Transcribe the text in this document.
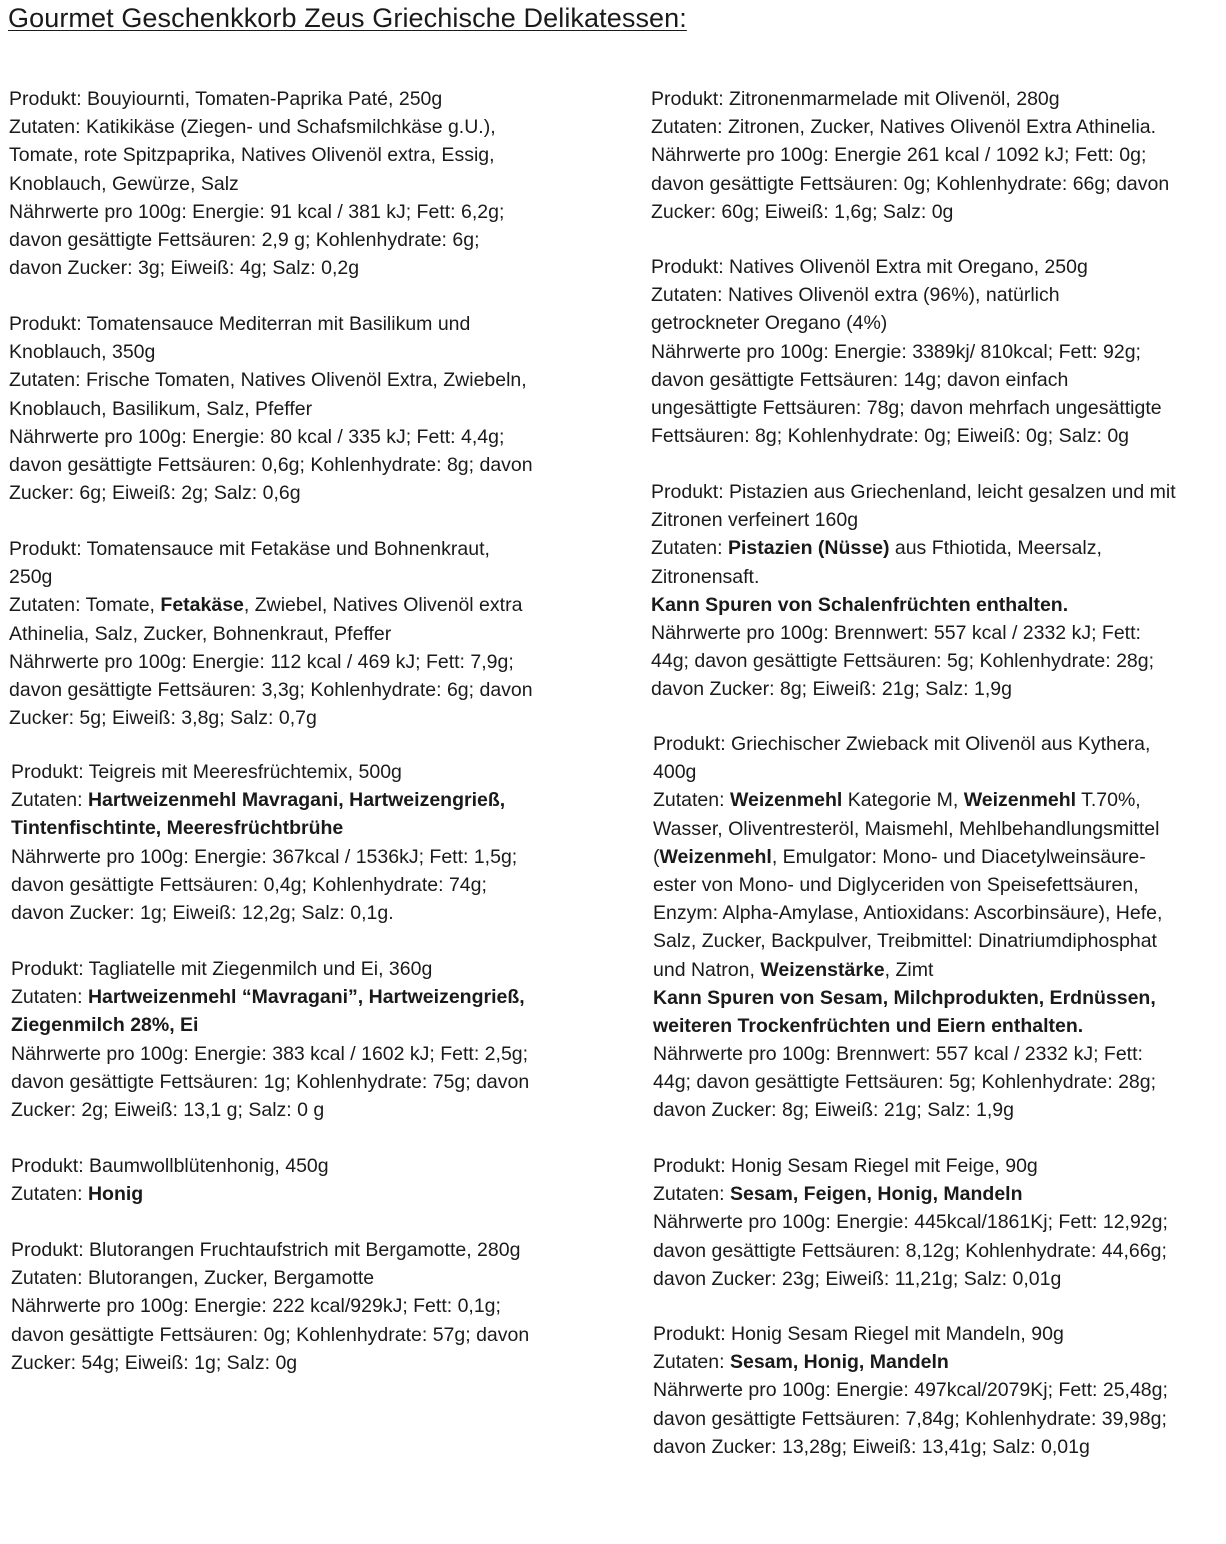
Gourmet Geschenkkorb Zeus Griechische Delikatessen:
Produkt: Bouyiournti, Tomaten-Paprika Paté, 250g
Zutaten: Katikikäse (Ziegen- und Schafsmilchkäse g.U.),
Tomate, rote Spitzpaprika, Natives Olivenöl extra, Essig,
Knoblauch, Gewürze, Salz
Nährwerte pro 100g: Energie: 91 kcal / 381 kJ; Fett: 6,2g;
davon gesättigte Fettsäuren: 2,9 g; Kohlenhydrate: 6g;
davon Zucker: 3g; Eiweiß: 4g; Salz: 0,2g
Produkt: Tomatensauce Mediterran mit Basilikum und
Knoblauch, 350g
Zutaten: Frische Tomaten, Natives Olivenöl Extra, Zwiebeln,
Knoblauch, Basilikum, Salz, Pfeffer
Nährwerte pro 100g: Energie: 80 kcal / 335 kJ; Fett: 4,4g;
davon gesättigte Fettsäuren: 0,6g; Kohlenhydrate: 8g; davon
Zucker: 6g; Eiweiß: 2g; Salz: 0,6g
Produkt: Tomatensauce mit Fetakäse und Bohnenkraut,
250g
Zutaten: Tomate, Fetakäse, Zwiebel, Natives Olivenöl extra
Athinelia, Salz, Zucker, Bohnenkraut, Pfeffer
Nährwerte pro 100g: Energie: 112 kcal / 469 kJ; Fett: 7,9g;
davon gesättigte Fettsäuren: 3,3g; Kohlenhydrate: 6g; davon
Zucker: 5g; Eiweiß: 3,8g; Salz: 0,7g
Produkt: Teigreis mit Meeresfrüchtemix, 500g
Zutaten: Hartweizenmehl Mavragani, Hartweizengrieß,
Tintenfischtinte, Meeresfrüchtbrühe
Nährwerte pro 100g: Energie: 367kcal / 1536kJ; Fett: 1,5g;
davon gesättigte Fettsäuren: 0,4g; Kohlenhydrate: 74g;
davon Zucker: 1g; Eiweiß: 12,2g; Salz: 0,1g.
Produkt: Tagliatelle mit Ziegenmilch und Ei, 360g
Zutaten: Hartweizenmehl “Mavragani”, Hartweizengrieß,
Ziegenmilch 28%, Ei
Nährwerte pro 100g: Energie: 383 kcal / 1602 kJ; Fett: 2,5g;
davon gesättigte Fettsäuren: 1g; Kohlenhydrate: 75g; davon
Zucker: 2g; Eiweiß: 13,1 g; Salz: 0 g
Produkt: Baumwollblütenhonig, 450g
Zutaten: Honig
Produkt: Blutorangen Fruchtaufstrich mit Bergamotte, 280g
Zutaten: Blutorangen, Zucker, Bergamotte
Nährwerte pro 100g: Energie: 222 kcal/929kJ; Fett: 0,1g;
davon gesättigte Fettsäuren: 0g; Kohlenhydrate: 57g; davon
Zucker: 54g; Eiweiß: 1g; Salz: 0g
Produkt: Zitronenmarmelade mit Olivenöl, 280g
Zutaten: Zitronen, Zucker, Natives Olivenöl Extra Athinelia.
Nährwerte pro 100g: Energie 261 kcal / 1092 kJ; Fett: 0g;
davon gesättigte Fettsäuren: 0g; Kohlenhydrate: 66g; davon
Zucker: 60g; Eiweiß: 1,6g; Salz: 0g
Produkt: Natives Olivenöl Extra mit Oregano, 250g
Zutaten: Natives Olivenöl extra (96%), natürlich
getrockneter Oregano (4%)
Nährwerte pro 100g: Energie: 3389kj/ 810kcal; Fett: 92g;
davon gesättigte Fettsäuren: 14g; davon einfach
ungesättigte Fettsäuren: 78g; davon mehrfach ungesättigte
Fettsäuren: 8g; Kohlenhydrate: 0g; Eiweiß: 0g; Salz: 0g
Produkt: Pistazien aus Griechenland, leicht gesalzen und mit
Zitronen verfeinert 160g
Zutaten: Pistazien (Nüsse) aus Fthiotida, Meersalz,
Zitronensaft.
Kann Spuren von Schalenfrüchten enthalten.
Nährwerte pro 100g: Brennwert: 557 kcal / 2332 kJ; Fett:
44g; davon gesättigte Fettsäuren: 5g; Kohlenhydrate: 28g;
davon Zucker: 8g; Eiweiß: 21g; Salz: 1,9g
Produkt: Griechischer Zwieback mit Olivenöl aus Kythera,
400g
Zutaten: Weizenmehl Kategorie M, Weizenmehl T.70%,
Wasser, Oliventresteröl, Maismehl, Mehlbehandlungsmittel
(Weizenmehl, Emulgator: Mono- und Diacetylweinsäure-
ester von Mono- und Diglyceriden von Speisefettsäuren,
Enzym: Alpha-Amylase, Antioxidans: Ascorbinsäure), Hefe,
Salz, Zucker, Backpulver, Treibmittel: Dinatriumdiphosphat
und Natron, Weizenstärke, Zimt
Kann Spuren von Sesam, Milchprodukten, Erdnüssen,
weiteren Trockenfrüchten und Eiern enthalten.
Nährwerte pro 100g: Brennwert: 557 kcal / 2332 kJ; Fett:
44g; davon gesättigte Fettsäuren: 5g; Kohlenhydrate: 28g;
davon Zucker: 8g; Eiweiß: 21g; Salz: 1,9g
Produkt: Honig Sesam Riegel mit Feige, 90g
Zutaten: Sesam, Feigen, Honig, Mandeln
Nährwerte pro 100g: Energie: 445kcal/1861Kj; Fett: 12,92g;
davon gesättigte Fettsäuren: 8,12g; Kohlenhydrate: 44,66g;
davon Zucker: 23g; Eiweiß: 11,21g; Salz: 0,01g
Produkt: Honig Sesam Riegel mit Mandeln, 90g
Zutaten: Sesam, Honig, Mandeln
Nährwerte pro 100g: Energie: 497kcal/2079Kj; Fett: 25,48g;
davon gesättigte Fettsäuren: 7,84g; Kohlenhydrate: 39,98g;
davon Zucker: 13,28g; Eiweiß: 13,41g; Salz: 0,01g
